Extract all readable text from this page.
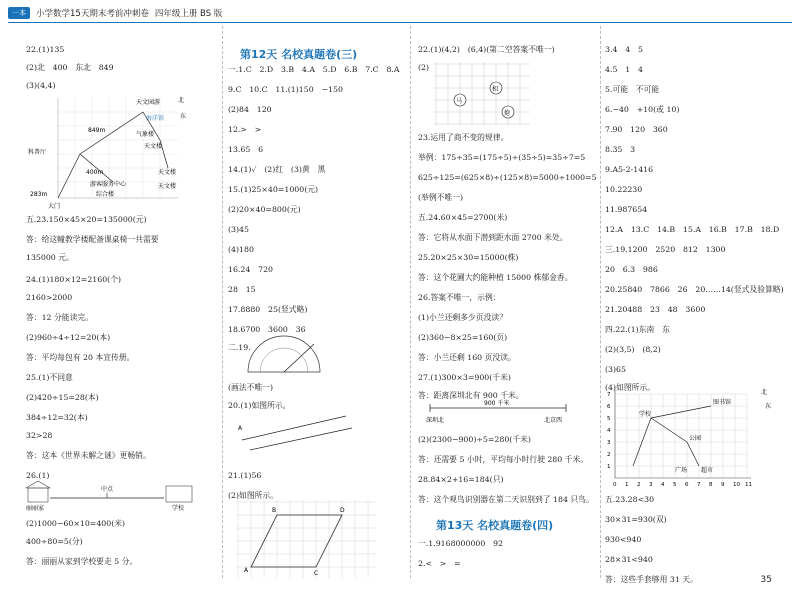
一本	小学数学15天期末考前冲刺卷 四年级上册 BS 版
22.(1)135
(2)北　400　东北　849
(3)(4,4)
天文园游
海洋馆
849m
气象楼
天文楼
科普厅
400m	天文楼
游客服务中心
综合楼
天文楼
283m
大门
北
东
五.23.150×45×20=135000(元)
答：给这幢教学楼配备课桌椅一共需要
135000 元。
24.(1)180×12=2160(个)
2160>2000
答：12 分能读完。
(2)960÷4÷12=20(本)
答：平均每包有 20 本宣传册。
25.(1)不同意
(2)420÷15=28(本)
384÷12=32(本)
32>28
答：这本《世界未解之谜》更畅销。
26.(1)
中点
丽丽家	学校
(2)1000−60×10=400(米)
400÷80=5(分)
答：丽丽从家到学校要走 5 分。
第12天 名校真题卷(三)
一.1.C　2.D　3.B　4.A　5.D　6.B　7.C　8.A
9.C　10.C　11.(1)150　−150
(2)84　120
12.>　>
13.65　6
14.(1)✓　(2)红　(3)黄　黑
15.(1)25×40=1000(元)
(2)20×40=800(元)
(3)45
(4)180
16.24　720
28　15
17.8880　25(竖式略)
18.6700　3600　36
二.19.
(画法不唯一)
20.(1)如图所示。
A
21.(1)56
(2)如图所示。
A
B
C
D
22.(1)(4,2)　(6,4)(第二空答案不唯一)
(2)
马
相
炮
23.运用了商不变的规律。
举例：175÷35=(175÷5)÷(35÷5)=35÷7=5
625÷125=(625×8)÷(125×8)=5000÷1000=5
(举例不唯一)
五.24.60×45=2700(米)
答：它将从水面下潜到距水面 2700 米处。
25.20×25×30=15000(株)
答：这个花圃大约能种植 15000 株郁金香。
26.答案不唯一，示例：
(1)小兰还剩多少页没读？
(2)360−8×25=160(页)
答：小兰还剩 160 页没读。
27.(1)300×3=900(千米)
答：距离深圳北有 900 千米。
900 千米
深圳北	北京西
(2)(2300−900)÷5=280(千米)
答：还需要 5 小时，平均每小时行驶 280 千米。
28.84×2+16=184(只)
答：这个观鸟识别器在第二天识别到了 184 只鸟。
一.1.9168000000　92
2.<　>　=
第13天 名校真题卷(四)
3.4　4　5
4.5　1　4
5.可能　不可能
6.−40　+10(或 10)
7.90　120　360
8.35　3
9.A5-2-1416
10.22230
11.987654
12.A　13.C　14.B　15.A　16.B　17.B　18.D
三.19.1200　2520　812　1300
20　6.3　986
20.25840　7866　26　20……14(竖式及验算略)
21.20488　23　48　3600
四.22.(1)东南　东
(2)(3,5)　(8,2)
(3)65
(4)如图所示。
学校
图书馆
公园
广场 超市
北
东
0 1 2 3 4 5 6 7 8 9 10 11
1
2
3
4
5
6
7
五.23.28<30
30×31=930(双)
930<940
28×31<940
答：这些手套够用 31 天。	35
